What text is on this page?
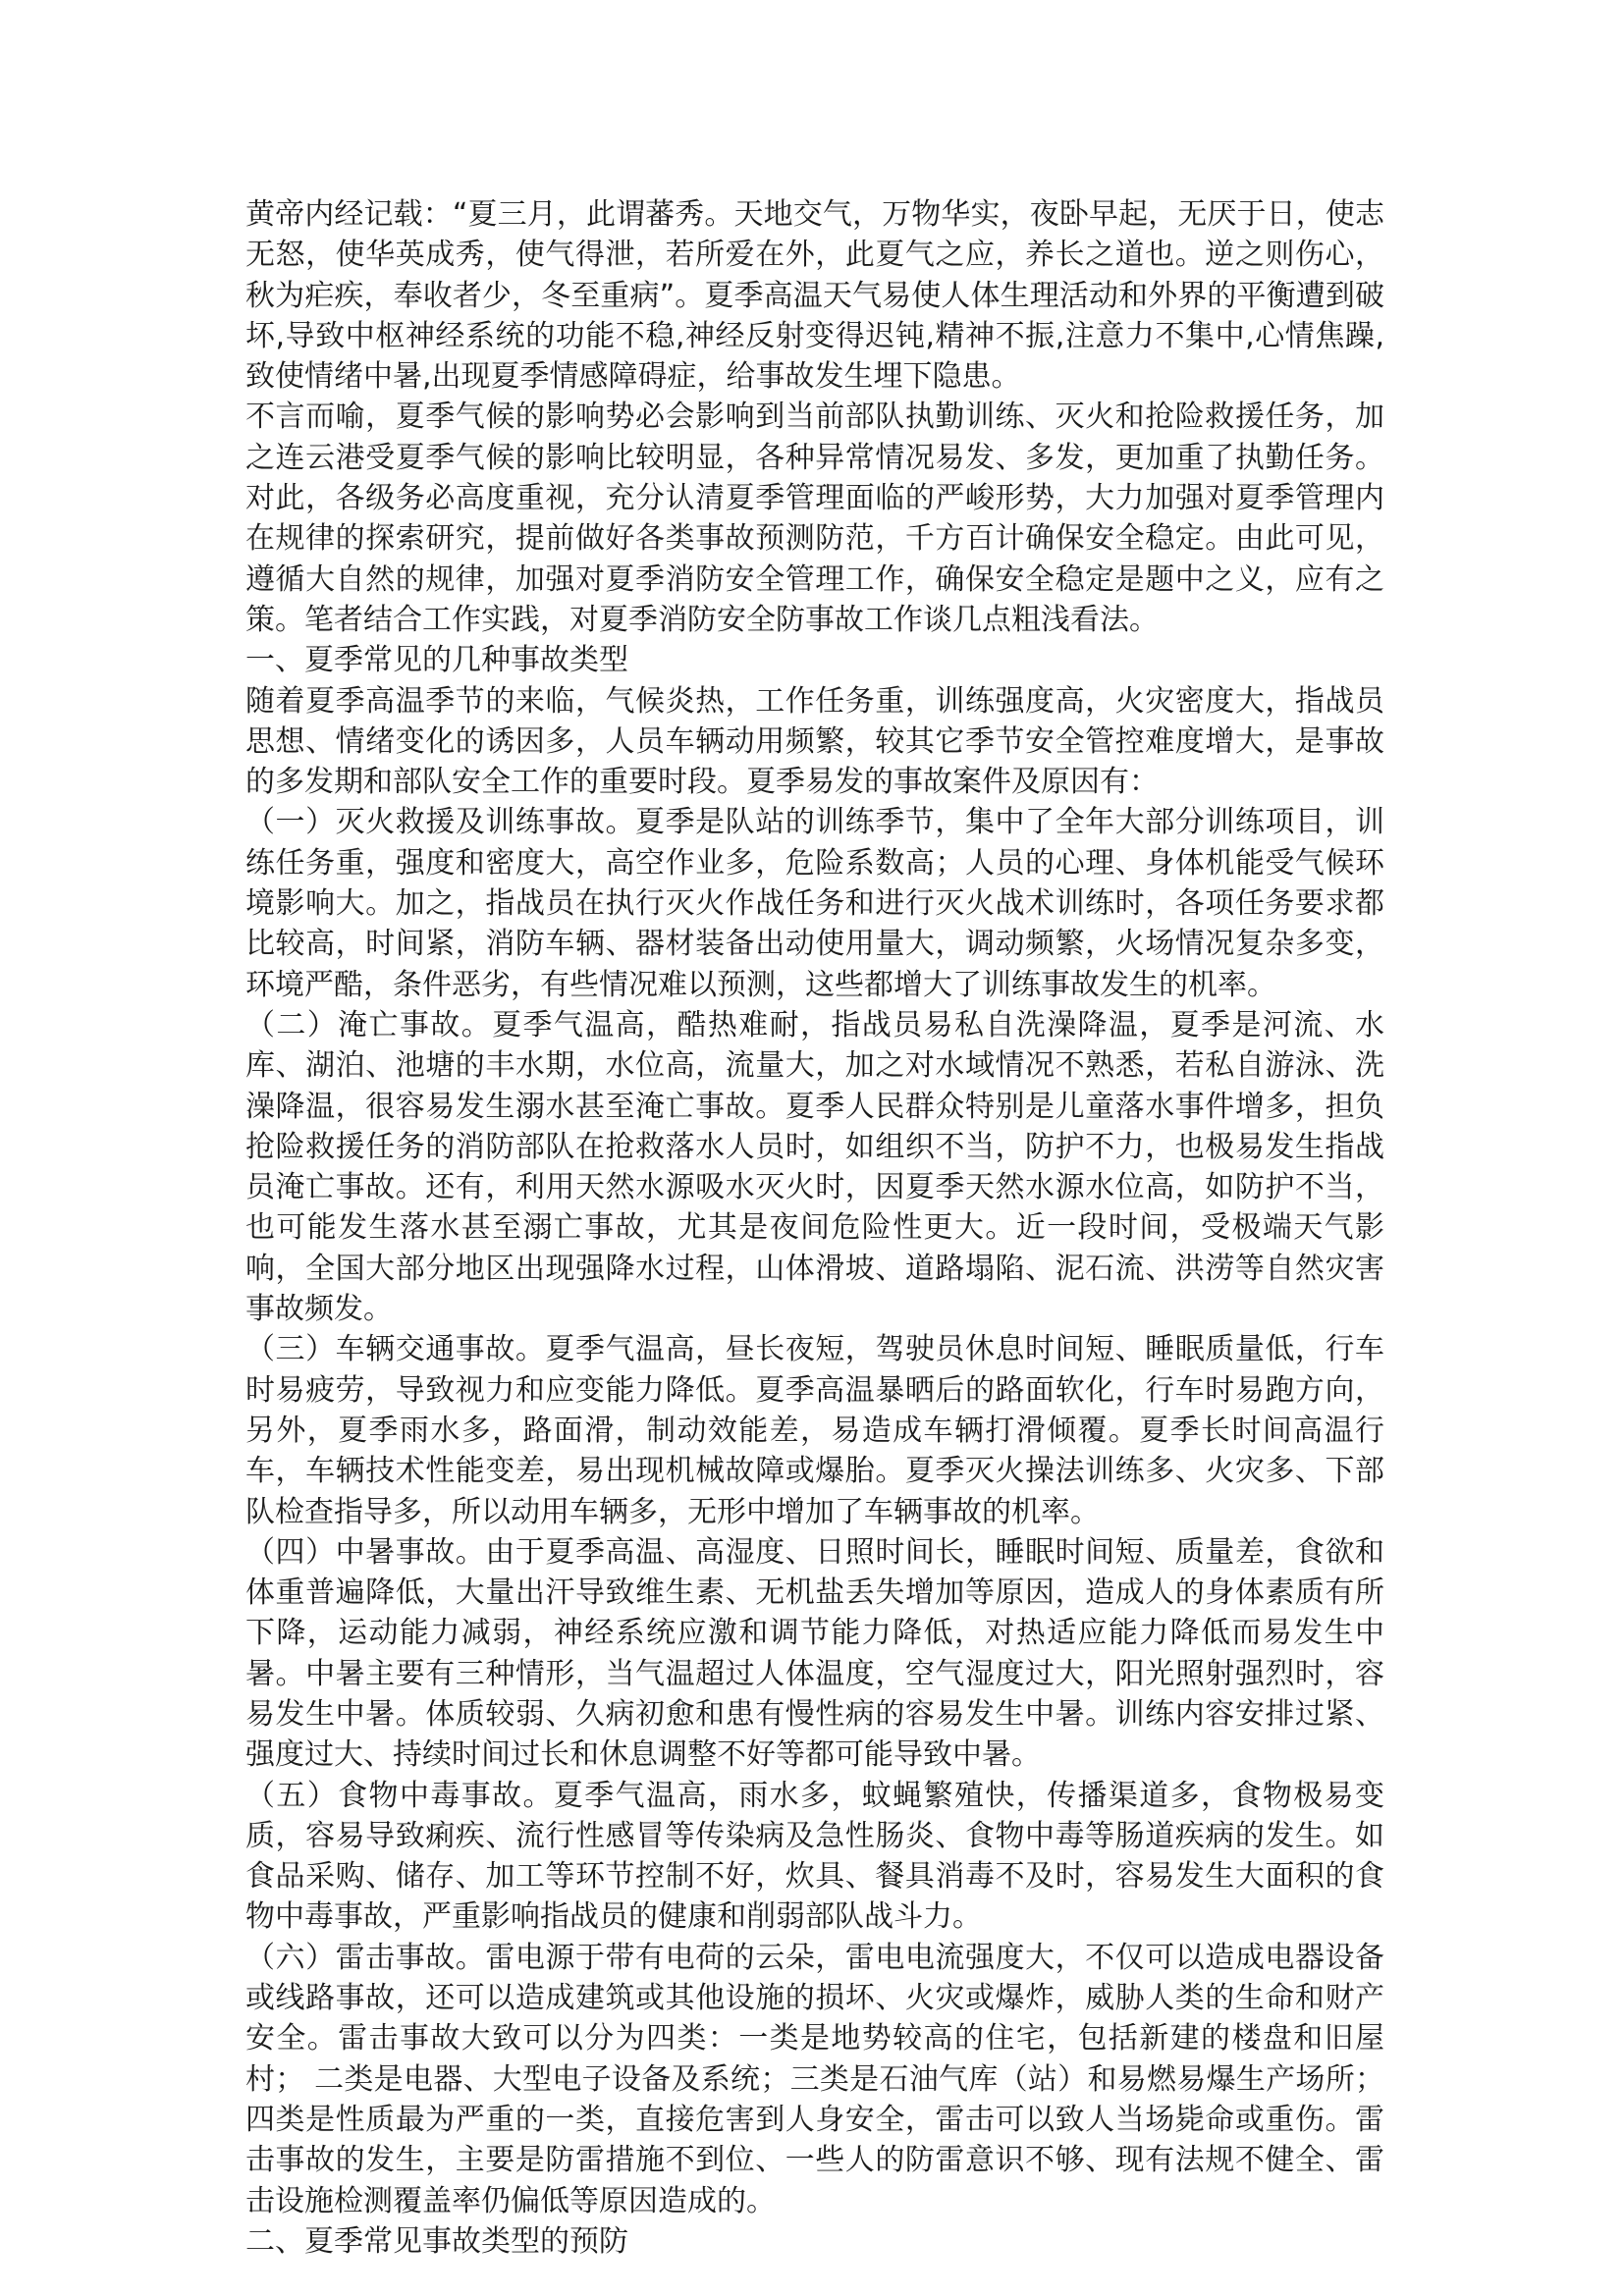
黄帝内经记载：“夏三月，此谓蕃秀。天地交气，万物华实，夜卧早起，无厌于日，使志无怒，使华英成秀，使气得泄，若所爱在外，此夏气之应，养长之道也。逆之则伤心，秋为疟疾，奉收者少，冬至重病”。夏季高温天气易使人体生理活动和外界的平衡遭到破坏,导致中枢神经系统的功能不稳,神经反射变得迟钝,精神不振,注意力不集中,心情焦躁,致使情绪中暑,出现夏季情感障碍症，给事故发生埋下隐患。

不言而喻，夏季气候的影响势必会影响到当前部队执勤训练、灭火和抢险救援任务，加之连云港受夏季气候的影响比较明显，各种异常情况易发、多发，更加重了执勤任务。对此，各级务必高度重视，充分认清夏季管理面临的严峻形势，大力加强对夏季管理内在规律的探索研究，提前做好各类事故预测防范，千方百计确保安全稳定。由此可见，遵循大自然的规律，加强对夏季消防安全管理工作，确保安全稳定是题中之义，应有之策。笔者结合工作实践，对夏季消防安全防事故工作谈几点粗浅看法。

一、夏季常见的几种事故类型

随着夏季高温季节的来临，气候炎热，工作任务重，训练强度高，火灾密度大，指战员思想、情绪变化的诱因多，人员车辆动用频繁，较其它季节安全管控难度增大，是事故的多发期和部队安全工作的重要时段。夏季易发的事故案件及原因有：

（一）灭火救援及训练事故。夏季是队站的训练季节，集中了全年大部分训练项目，训练任务重，强度和密度大，高空作业多，危险系数高；人员的心理、身体机能受气候环境影响大。加之，指战员在执行灭火作战任务和进行灭火战术训练时，各项任务要求都比较高，时间紧，消防车辆、器材装备出动使用量大，调动频繁，火场情况复杂多变，环境严酷，条件恶劣，有些情况难以预测，这些都增大了训练事故发生的机率。

（二）淹亡事故。夏季气温高，酷热难耐，指战员易私自洗澡降温，夏季是河流、水库、湖泊、池塘的丰水期，水位高，流量大，加之对水域情况不熟悉，若私自游泳、洗澡降温，很容易发生溺水甚至淹亡事故。夏季人民群众特别是儿童落水事件增多，担负抢险救援任务的消防部队在抢救落水人员时，如组织不当，防护不力，也极易发生指战员淹亡事故。还有，利用天然水源吸水灭火时，因夏季天然水源水位高，如防护不当，也可能发生落水甚至溺亡事故，尤其是夜间危险性更大。近一段时间，受极端天气影响，全国大部分地区出现强降水过程，山体滑坡、道路塌陷、泥石流、洪涝等自然灾害事故频发。

（三）车辆交通事故。夏季气温高，昼长夜短，驾驶员休息时间短、睡眠质量低，行车时易疲劳，导致视力和应变能力降低。夏季高温暴晒后的路面软化，行车时易跑方向，另外，夏季雨水多，路面滑，制动效能差，易造成车辆打滑倾覆。夏季长时间高温行车，车辆技术性能变差，易出现机械故障或爆胎。夏季灭火操法训练多、火灾多、下部队检查指导多，所以动用车辆多，无形中增加了车辆事故的机率。

（四）中暑事故。由于夏季高温、高湿度、日照时间长，睡眠时间短、质量差，食欲和体重普遍降低，大量出汗导致维生素、无机盐丢失增加等原因，造成人的身体素质有所下降，运动能力减弱，神经系统应激和调节能力降低，对热适应能力降低而易发生中暑。中暑主要有三种情形，当气温超过人体温度，空气湿度过大，阳光照射强烈时，容易发生中暑。体质较弱、久病初愈和患有慢性病的容易发生中暑。训练内容安排过紧、强度过大、持续时间过长和休息调整不好等都可能导致中暑。

（五）食物中毒事故。夏季气温高，雨水多，蚊蝇繁殖快，传播渠道多，食物极易变质，容易导致痢疾、流行性感冒等传染病及急性肠炎、食物中毒等肠道疾病的发生。如食品采购、储存、加工等环节控制不好，炊具、餐具消毒不及时，容易发生大面积的食物中毒事故，严重影响指战员的健康和削弱部队战斗力。

（六）雷击事故。雷电源于带有电荷的云朵，雷电电流强度大，不仅可以造成电器设备或线路事故，还可以造成建筑或其他设施的损坏、火灾或爆炸，威胁人类的生命和财产安全。雷击事故大致可以分为四类：一类是地势较高的住宅，包括新建的楼盘和旧屋村； 二类是电器、大型电子设备及系统；三类是石油气库（站）和易燃易爆生产场所；四类是性质最为严重的一类，直接危害到人身安全，雷击可以致人当场毙命或重伤。雷击事故的发生，主要是防雷措施不到位、一些人的防雷意识不够、现有法规不健全、雷击设施检测覆盖率仍偏低等原因造成的。

二、夏季常见事故类型的预防
